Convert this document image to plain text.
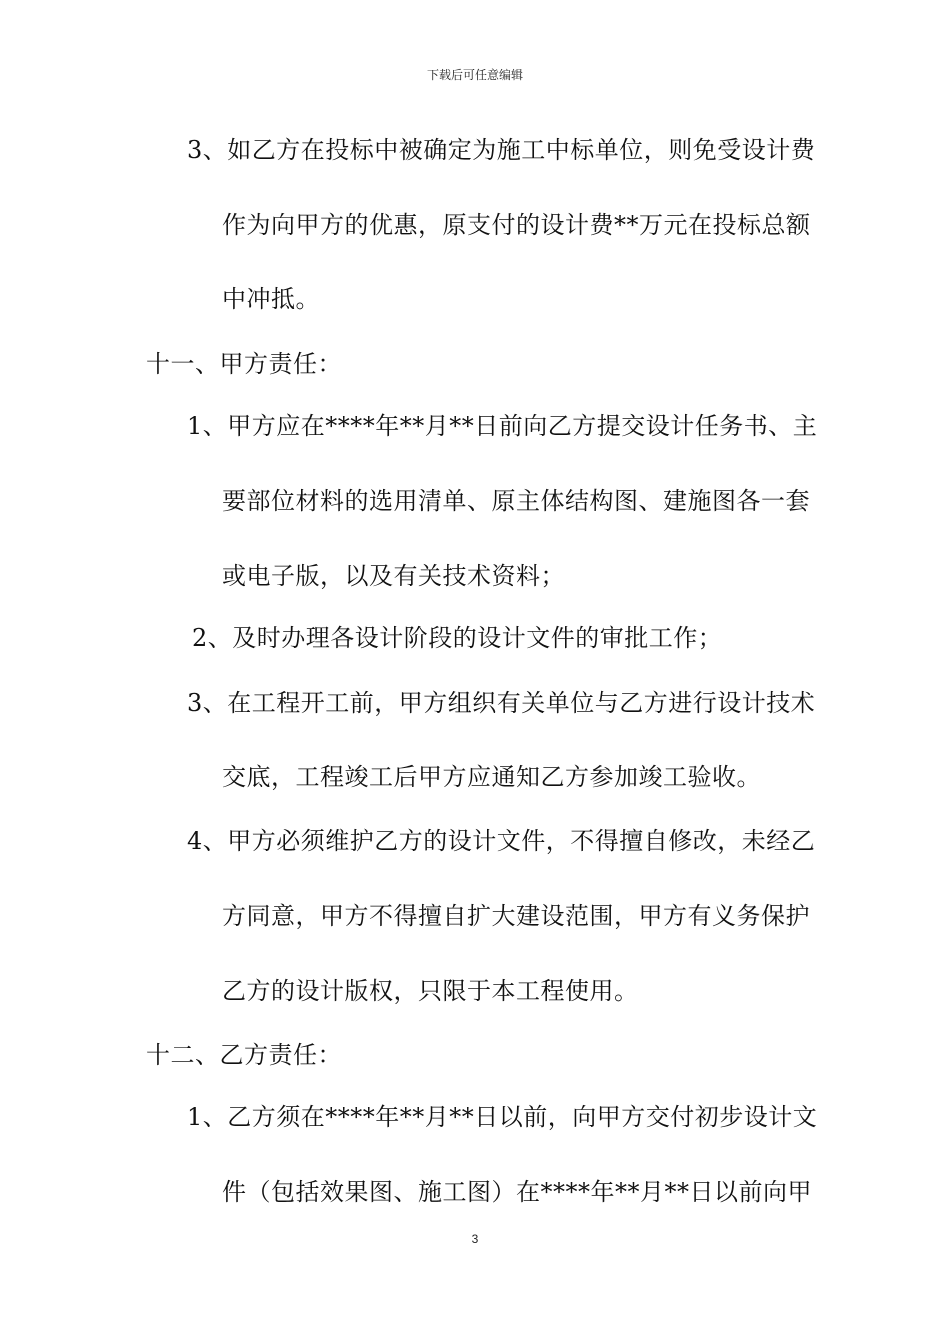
下载后可任意编辑
3、如乙方在投标中被确定为施工中标单位，则免受设计费
作为向甲方的优惠，原支付的设计费**万元在投标总额
中冲抵。
十一、甲方责任：
1、甲方应在****年**月**日前向乙方提交设计任务书、主
要部位材料的选用清单、原主体结构图、建施图各一套
或电子版，以及有关技术资料；
2、及时办理各设计阶段的设计文件的审批工作；
3、在工程开工前，甲方组织有关单位与乙方进行设计技术
交底，工程竣工后甲方应通知乙方参加竣工验收。
4、甲方必须维护乙方的设计文件，不得擅自修改，未经乙
方同意，甲方不得擅自扩大建设范围，甲方有义务保护
乙方的设计版权，只限于本工程使用。
十二、乙方责任：
1、乙方须在****年**月**日以前，向甲方交付初步设计文
件（包括效果图、施工图）在****年**月**日以前向甲
3
